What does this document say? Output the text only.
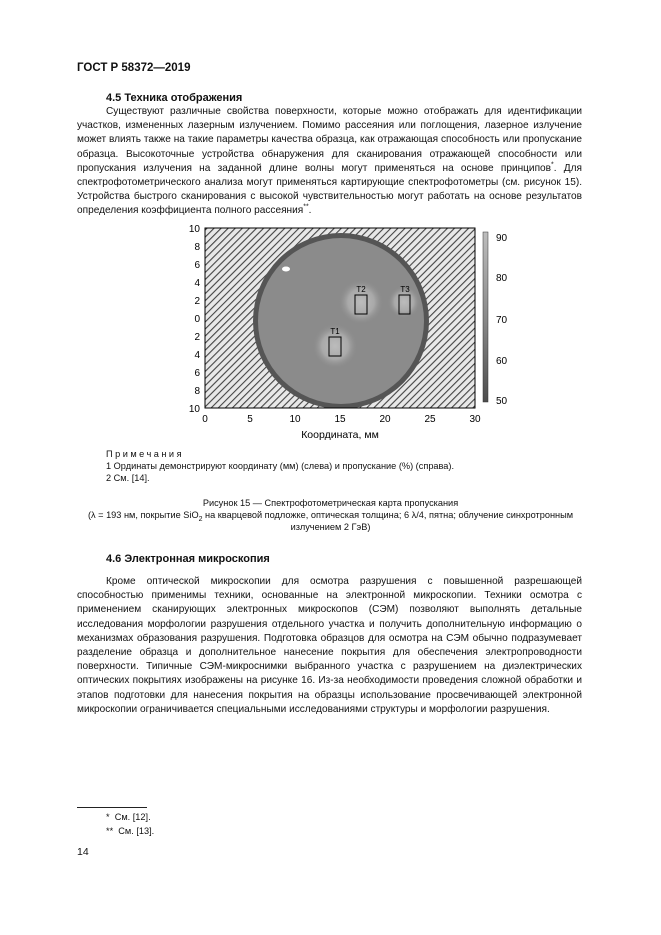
ГОСТ Р 58372—2019
4.5 Техника отображения

Существуют различные свойства поверхности, которые можно отображать для идентификации участков, измененных лазерным излучением. Помимо рассеяния или поглощения, лазерное излучение может влиять также на такие параметры качества образца, как отражающая способность или пропускание образца. Высокоточные устройства обнаружения для сканирования отражающей способности или пропускания излучения на заданной длине волны могут применяться на основе принципов*. Для спектрофотометрического анализа могут применяться картирующие спектрофотометры (см. рисунок 15). Устройства быстрого сканирования с высокой чувствительностью могут работать на основе результатов определения коэффициента полного рассеяния**.

T2	T3
T1
10
8
6
4
2
0
2
4
6
8
10
0	5	10	15	20	25	30
Координата, мм
90
80
70
60
50
Примечания
1 Ординаты демонстрируют координату (мм) (слева) и пропускание (%) (справа).
2 См. [14].
Рисунок 15 — Спектрофотометрическая карта пропускания
(λ = 193 нм, покрытие SiO$_2$ на кварцевой подложке, оптическая толщина; 6 λ/4, пятна; облучение синхротронным
излучением 2 ГэВ)
4.6 Электронная микроскопия

Кроме оптической микроскопии для осмотра разрушения с повышенной разрешающей способностью применимы техники, основанные на электронной микроскопии. Техники осмотра с применением сканирующих электронных микроскопов (СЭМ) позволяют выполнять детальные исследования морфологии разрушения отдельного участка и получить дополнительную информацию о механизмах образования разрушения. Подготовка образцов для осмотра на СЭМ обычно подразумевает разделение образца и дополнительное нанесение покрытия для обеспечения электропроводности поверхности. Типичные СЭМ-микроснимки выбранного участка с разрушением на диэлектрических оптических покрытиях изображены на рисунке 16. Из-за необходимости проведения сложной обработки и этапов подготовки для нанесения покрытия на образцы использование просвечивающей электронной микроскопии ограничивается специальными исследованиями структуры и морфологии разрушения.

* См. [12].
** См. [13].
14
